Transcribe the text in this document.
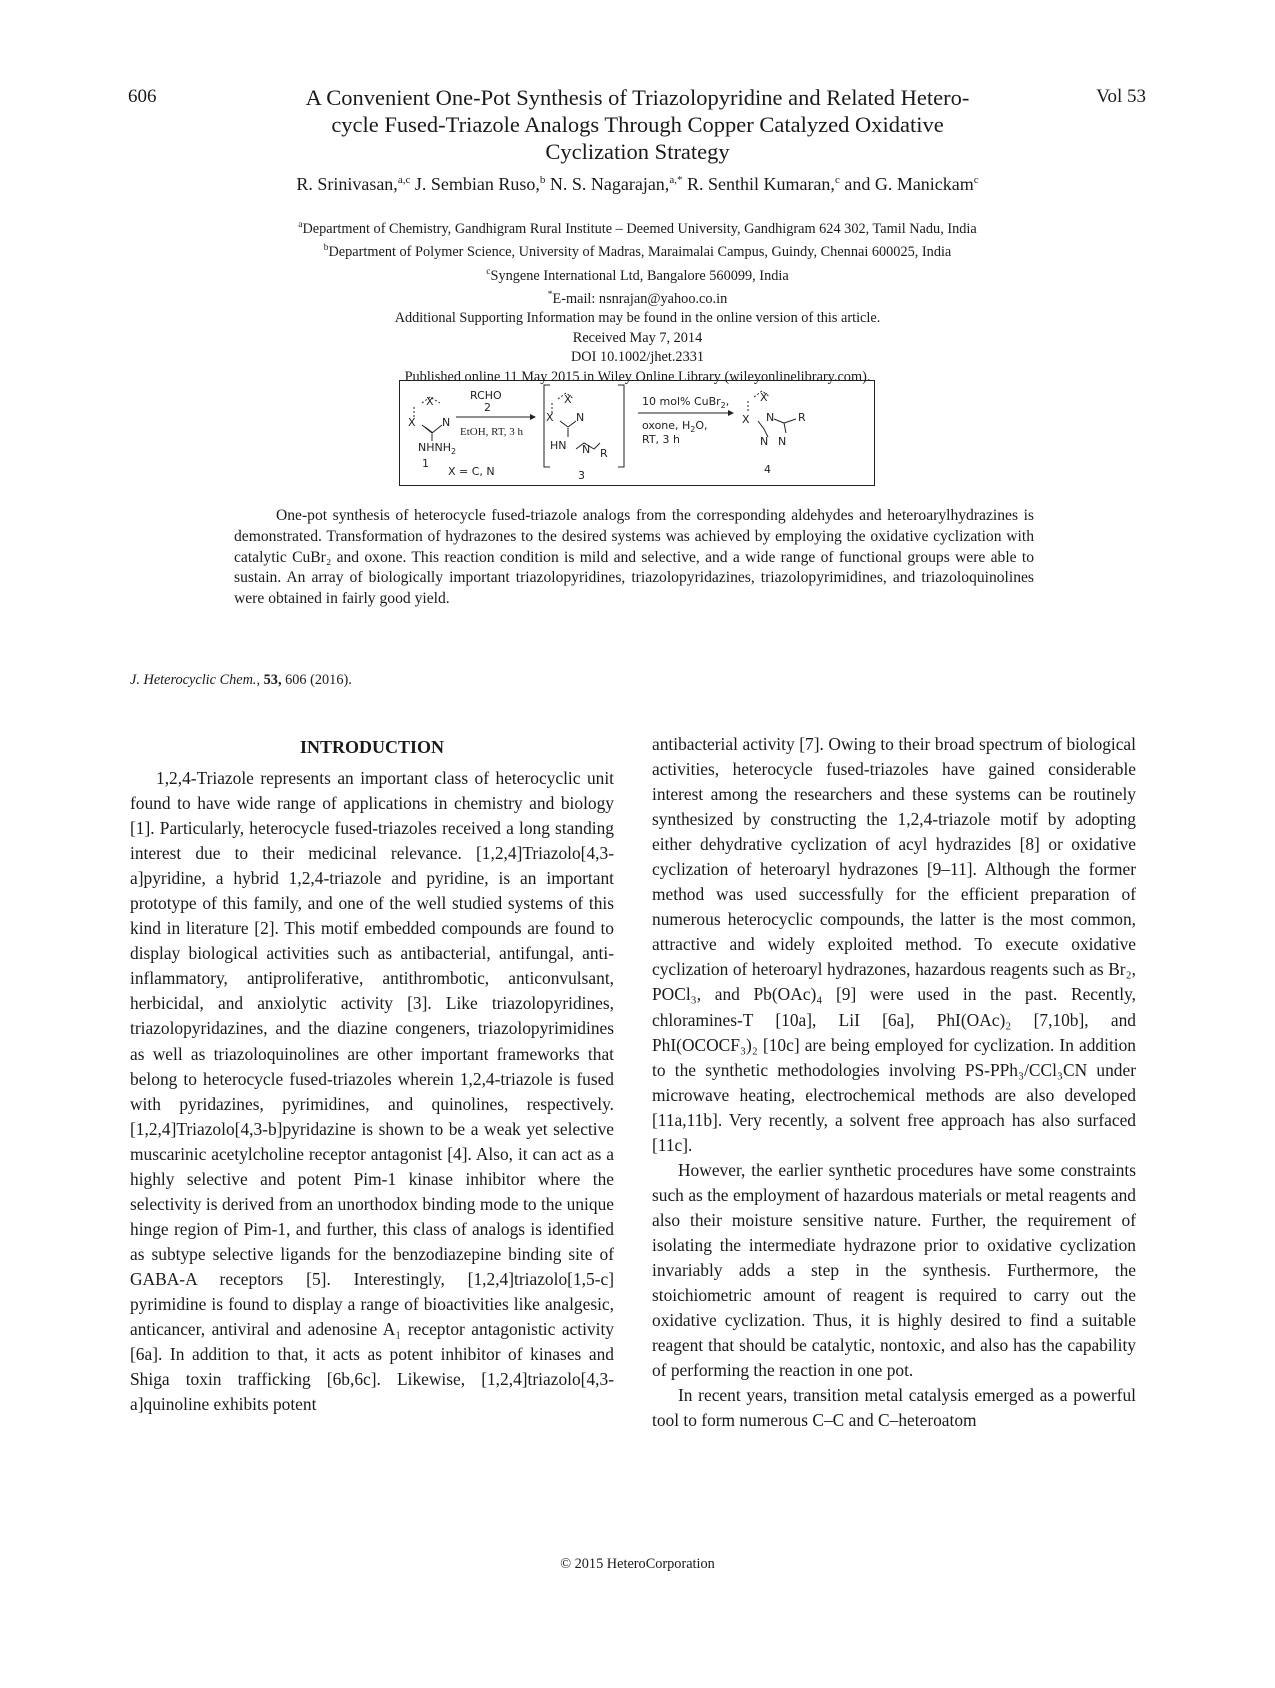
606	Vol 53
A Convenient One-Pot Synthesis of Triazolopyridine and Related Hetero-
cycle Fused-Triazole Analogs Through Copper Catalyzed Oxidative
Cyclization Strategy
R. Srinivasan,$^{a,c}$ J. Sembian Ruso,$^b$ N. S. Nagarajan,$^{a,*}$ R. Senthil Kumaran,$^c$ and G. Manickam$^c$
$^a$Department of Chemistry, Gandhigram Rural Institute – Deemed University, Gandhigram 624 302, Tamil Nadu, India
$^b$Department of Polymer Science, University of Madras, Maraimalai Campus, Guindy, Chennai 600025, India
$^c$Syngene International Ltd, Bangalore 560099, India
*E-mail: nsnrajan@yahoo.co.in
Additional Supporting Information may be found in the online version of this article.
Received May 7, 2014
DOI 10.1002/jhet.2331
Published online 11 May 2015 in Wiley Online Library (wileyonlinelibrary.com).
X
X N
$NHNH_2$
1
X = C, N
RCHO
2
EtOH, RT, 3 h
X
X N
HN N R
3
10 mol% CuBr$_2$,
oxone, $H_2O$,
RT, 3 h
X
X N R
N N
4

One-pot synthesis of heterocycle fused-triazole analogs from the corresponding aldehydes and heteroarylhydrazines is demonstrated. Transformation of hydrazones to the desired systems was achieved by employing the oxidative cyclization with catalytic CuBr₂ and oxone. This reaction condition is mild and selective, and a wide range of functional groups were able to sustain. An array of biologically important triazolopyridines, triazolopyridazines, triazolopyrimidines, and triazoloquinolines were obtained in fairly good yield.

J. Heterocyclic Chem., 53, 606 (2016).
INTRODUCTION

1,2,4-Triazole represents an important class of heterocyclic unit found to have wide range of applications in chemistry and biology [1]. Particularly, heterocycle fused-triazoles received a long standing interest due to their medicinal relevance. [1,2,4]Triazolo[4,3-a]pyridine, a hybrid 1,2,4-triazole and pyridine, is an important prototype of this family, and one of the well studied systems of this kind in literature [2]. This motif embedded compounds are found to display biological activities such as antibacterial, antifungal, anti-inflammatory, antiproliferative, antithrombotic, anticonvulsant, herbicidal, and anxiolytic activity [3]. Like triazolopyridines, triazolopyridazines, and the diazine congeners, triazolopyrimidines as well as triazoloquinolines are other important frameworks that belong to heterocycle fused-triazoles wherein 1,2,4-triazole is fused with pyridazines, pyrimidines, and quinolines, respectively. [1,2,4]Triazolo[4,3-b]pyridazine is shown to be a weak yet selective muscarinic acetylcholine receptor antagonist [4]. Also, it can act as a highly selective and potent Pim-1 kinase inhibitor where the selectivity is derived from an unorthodox binding mode to the unique hinge region of Pim-1, and further, this class of analogs is identified as subtype selective ligands for the benzodiazepine binding site of GABA-A receptors [5]. Interestingly, [1,2,4]triazolo[1,5-c] pyrimidine is found to display a range of bioactivities like analgesic, anticancer, antiviral and adenosine A₁ receptor antagonistic activity [6a]. In addition to that, it acts as potent inhibitor of kinases and Shiga toxin trafficking [6b,6c]. Likewise, [1,2,4]triazolo[4,3-a]quinoline exhibits potent

antibacterial activity [7]. Owing to their broad spectrum of biological activities, heterocycle fused-triazoles have gained considerable interest among the researchers and these systems can be routinely synthesized by constructing the 1,2,4-triazole motif by adopting either dehydrative cyclization of acyl hydrazides [8] or oxidative cyclization of heteroaryl hydrazones [9–11]. Although the former method was used successfully for the efficient preparation of numerous heterocyclic compounds, the latter is the most common, attractive and widely exploited method. To execute oxidative cyclization of heteroaryl hydrazones, hazardous reagents such as Br₂, POCl₃, and Pb(OAc)₄ [9] were used in the past. Recently, chloramines-T [10a], LiI [6a], PhI(OAc)₂ [7,10b], and PhI(OCOCF₃)₂ [10c] are being employed for cyclization. In addition to the synthetic methodologies involving PS-PPh₃/CCl₃CN under microwave heating, electrochemical methods are also developed [11a,11b]. Very recently, a solvent free approach has also surfaced [11c].

However, the earlier synthetic procedures have some constraints such as the employment of hazardous materials or metal reagents and also their moisture sensitive nature. Further, the requirement of isolating the intermediate hydrazone prior to oxidative cyclization invariably adds a step in the synthesis. Furthermore, the stoichiometric amount of reagent is required to carry out the oxidative cyclization. Thus, it is highly desired to find a suitable reagent that should be catalytic, nontoxic, and also has the capability of performing the reaction in one pot.

In recent years, transition metal catalysis emerged as a powerful tool to form numerous C–C and C–heteroatom

© 2015 HeteroCorporation
